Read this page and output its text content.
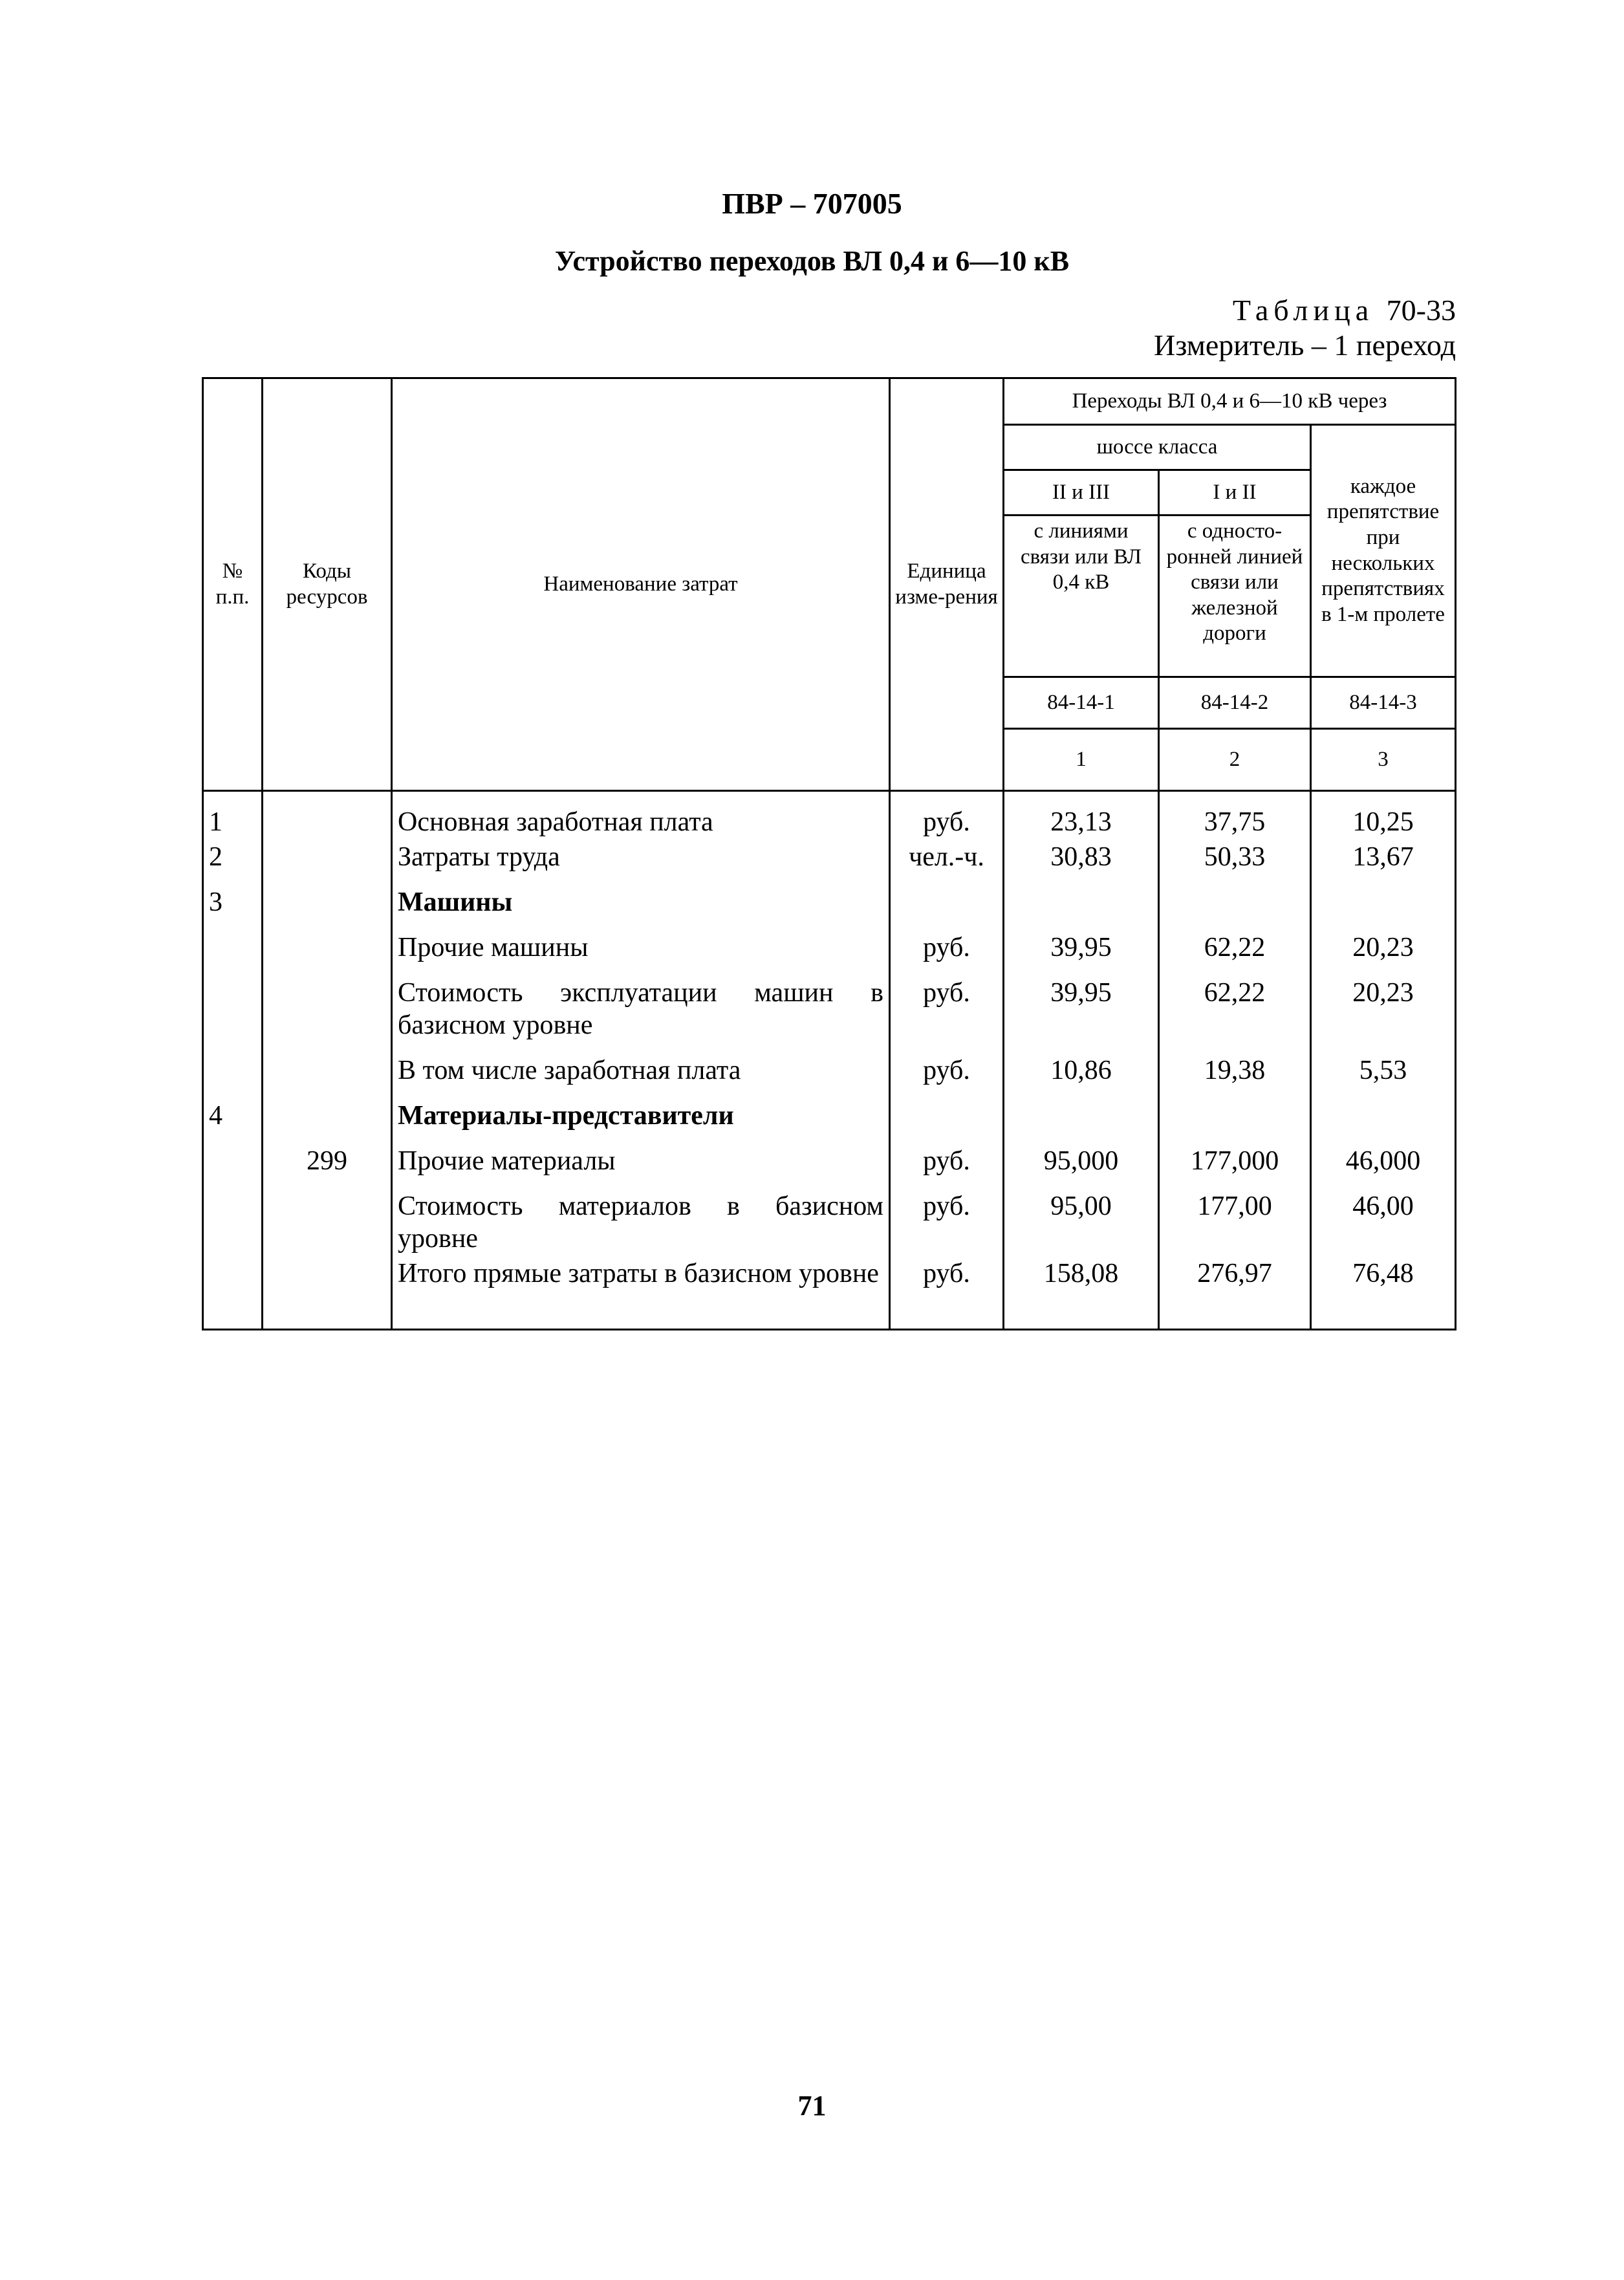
ПВР – 707005
Устройство переходов ВЛ 0,4 и 6—10 кВ
Таблица 70-33
Измеритель – 1 переход
№ п.п.	Коды ресурсов	Наименование затрат	Единица изме-рения	Переходы ВЛ 0,4 и 6—10 кВ через		
				шоссе класса		каждое препятствие при нескольких препятствиях в 1-м пролете
				II и III	I и II	
				с линиями связи или ВЛ 0,4 кВ	с односто-ронней линией связи или железной дороги	
				84-14-1	84-14-2	84-14-3
				1	2	3
1		Основная заработная плата	руб.	23,13	37,75	10,25
2		Затраты труда	чел.-ч.	30,83	50,33	13,67
3		Машины				
		Прочие машины	руб.	39,95	62,22	20,23
		Стоимость эксплуатации машин в базисном уровне	руб.	39,95	62,22	20,23
		В том числе заработная плата	руб.	10,86	19,38	5,53
4		Материалы-представители				
	299	Прочие материалы	руб.	95,000	177,000	46,000
		Стоимость материалов в базисном уровне	руб.	95,00	177,00	46,00
		Итого прямые затраты в базисном уровне	руб.	158,08	276,97	76,48
71
